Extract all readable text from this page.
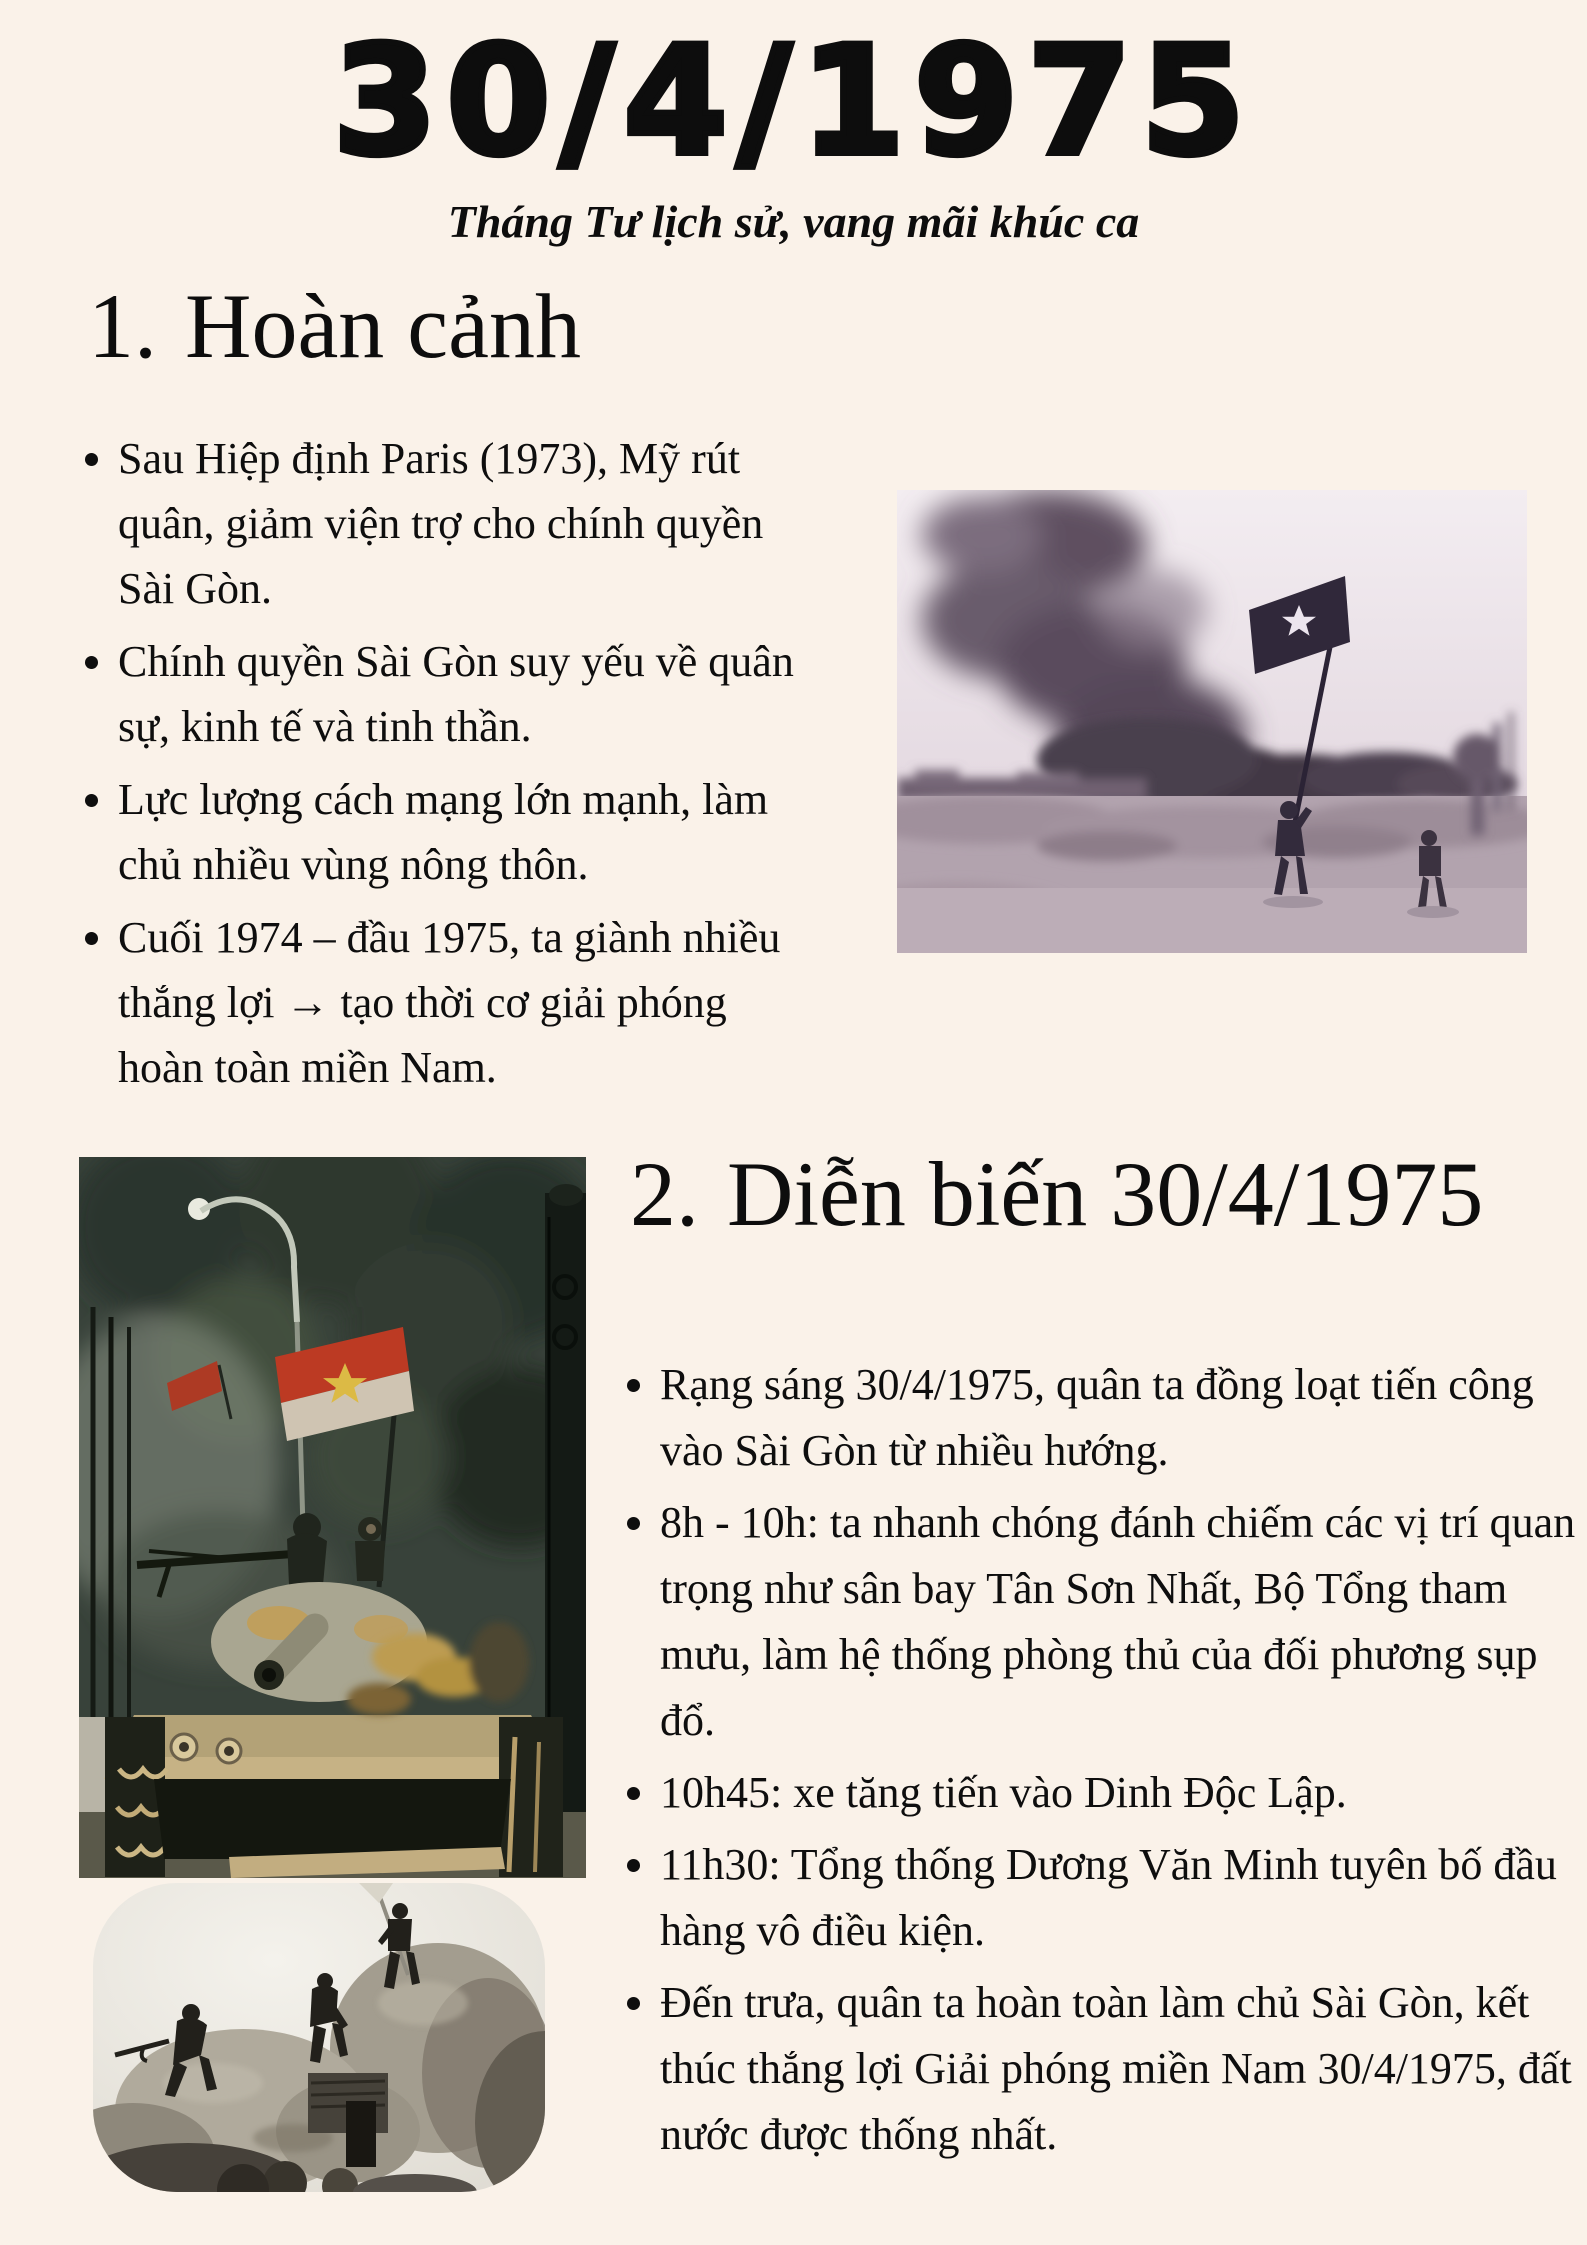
30/4/1975
Tháng Tư lịch sử, vang mãi khúc ca
1. Hoàn cảnh
• Sau Hiệp định Paris (1973), Mỹ rút quân, giảm viện trợ cho chính quyền Sài Gòn.
• Chính quyền Sài Gòn suy yếu về quân sự, kinh tế và tinh thần.
• Lực lượng cách mạng lớn mạnh, làm chủ nhiều vùng nông thôn.
• Cuối 1974 – đầu 1975, ta giành nhiều thắng lợi → tạo thời cơ giải phóng hoàn toàn miền Nam.
2. Diễn biến 30/4/1975
• Rạng sáng 30/4/1975, quân ta đồng loạt tiến công vào Sài Gòn từ nhiều hướng.
• 8h - 10h: ta nhanh chóng đánh chiếm các vị trí quan trọng như sân bay Tân Sơn Nhất, Bộ Tổng tham mưu, làm hệ thống phòng thủ của đối phương sụp đổ.
• 10h45: xe tăng tiến vào Dinh Độc Lập.
• 11h30: Tổng thống Dương Văn Minh tuyên bố đầu hàng vô điều kiện.
• Đến trưa, quân ta hoàn toàn làm chủ Sài Gòn, kết thúc thắng lợi Giải phóng miền Nam 30/4/1975, đất nước được thống nhất.
